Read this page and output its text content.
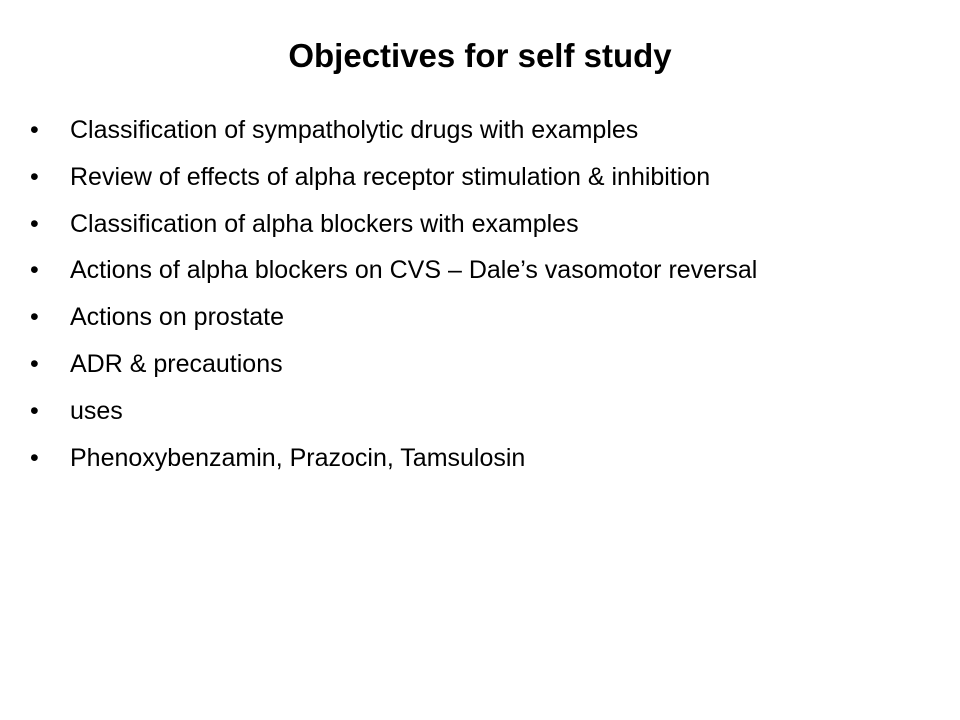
Objectives for self study
•	Classification of sympatholytic drugs with examples
•	Review of effects of alpha receptor stimulation & inhibition
•	Classification of alpha blockers with examples
•	Actions of alpha blockers on CVS – Dale’s vasomotor reversal
•	Actions on prostate
•	ADR & precautions
•	uses
•	Phenoxybenzamin, Prazocin, Tamsulosin
